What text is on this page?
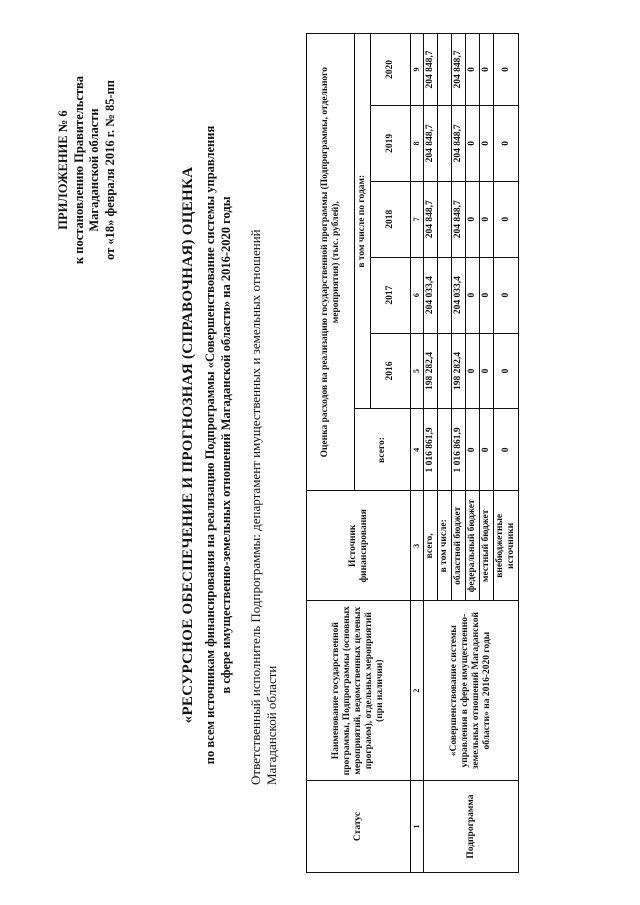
ПРИЛОЖЕНИЕ № 6 к постановлению Правительства Магаданской области от «18» февраля 2016 г. № 85-пп	«РЕСУРСНОЕ ОБЕСПЕЧЕНИЕ И ПРОГНОЗНАЯ (СПРАВОЧНАЯ) ОЦЕНКА по всем источникам финансирования на реализацию Подпрограммы «Совершенствование системы управления в сфере имущественно-земельных отношений Магаданской области» на 2016-2020 годы Ответственный исполнитель Подпрограммы: департамент имущественных и земельных отношений Магаданской области
Статус	Наименование государственной программы, Подпрограммы (основных мероприятий, ведомственных целевых программ), отдельных мероприятий (при наличии)	Источник финансирования	Оценка расходов на реализацию государственной программы (Подпрограммы, отдельного мероприятия) (тыс. рублей),					
			всего:	в том числе по годам:				
				2016	2017	2018	2019	2020
1	2	3	4	5	6	7	8	9
Подпрограмма	«Совершенствование системы управления в сфере имущественно-земельных отношений Магаданской области» на 2016-2020 годы	всего,	1 016 861,9	198 282,4	204 033,4	204 848,7	204 848,7	204 848,7
		в том числе:						
		областной бюджет	1 016 861,9	198 282,4	204 033,4	204 848,7	204 848,7	204 848,7
		федеральный бюджет	0	0	0	0	0	0
		местный бюджет	0	0	0	0	0	0
		внебюджетные источники	0	0	0	0	0	0
